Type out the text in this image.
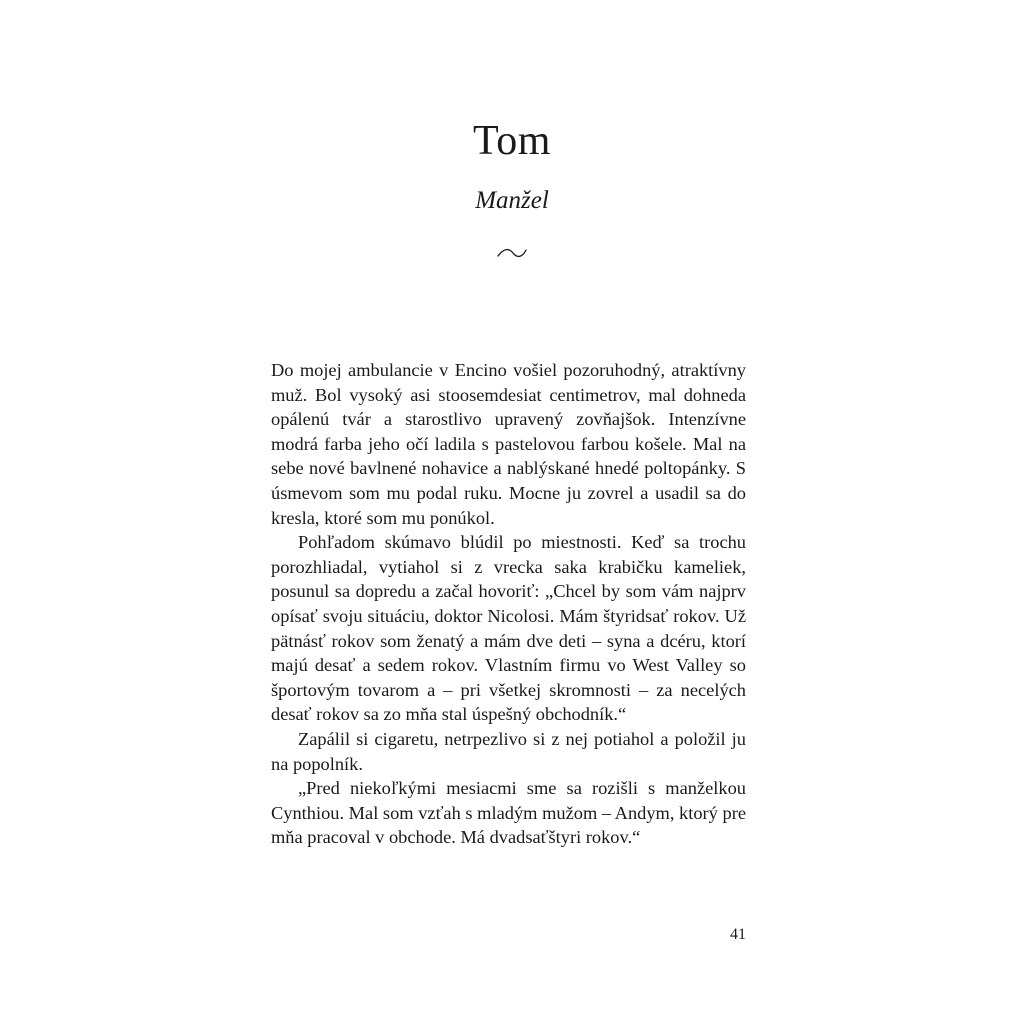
Tom
Manžel

Do mojej ambulancie v Encino vošiel pozoruhodný, atraktívny muž. Bol vysoký asi stoosemdesiat centimetrov, mal dohneda opálenú tvár a starostlivo upravený zovňajšok. Intenzívne modrá farba jeho očí ladila s pastelovou farbou košele. Mal na sebe nové bavlnené nohavice a nablýskané hnedé poltopánky. S úsmevom som mu podal ruku. Mocne ju zovrel a usadil sa do kresla, ktoré som mu ponúkol.

Pohľadom skúmavo blúdil po miestnosti. Keď sa trochu porozhliadal, vytiahol si z vrecka saka krabičku kameliek, posunul sa dopredu a začal hovoriť: „Chcel by som vám najprv opísať svoju situáciu, doktor Nicolosi. Mám štyridsať rokov. Už pätnásť rokov som ženatý a mám dve deti – syna a dcéru, ktorí majú desať a sedem rokov. Vlastním firmu vo West Valley so športovým tovarom a – pri všetkej skromnosti – za necelých desať rokov sa zo mňa stal úspešný obchodník.“

Zapálil si cigaretu, netrpezlivo si z nej potiahol a položil ju na popolník.

„Pred niekoľkými mesiacmi sme sa rozišli s manželkou Cynthiou. Mal som vzťah s mladým mužom – Andym, ktorý pre mňa pracoval v obchode. Má dvadsaťštyri rokov.“

41
